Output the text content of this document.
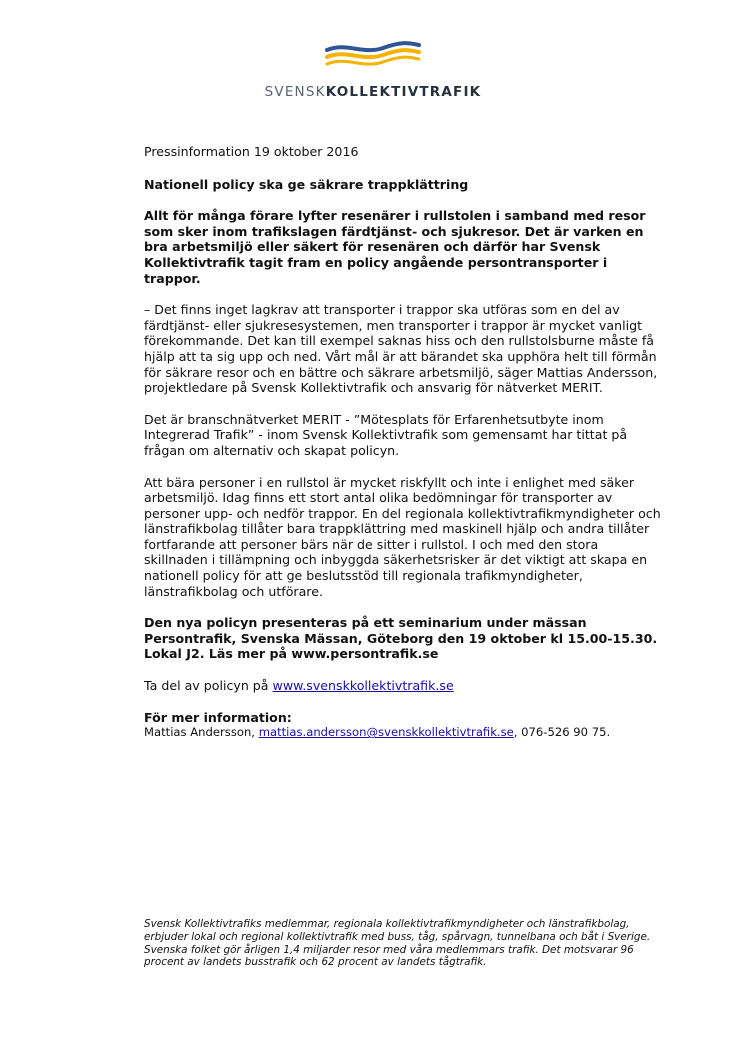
SVENSKKOLLEKTIVTRAFIK

Pressinformation 19 oktober 2016

Nationell policy ska ge säkrare trappklättring

Allt för många förare lyfter resenärer i rullstolen i samband med resor som sker inom trafikslagen färdtjänst- och sjukresor. Det är varken en bra arbetsmiljö eller säkert för resenären och därför har Svensk Kollektivtrafik tagit fram en policy angående persontransporter i trappor.

– Det finns inget lagkrav att transporter i trappor ska utföras som en del av färdtjänst- eller sjukresesystemen, men transporter i trappor är mycket vanligt förekommande. Det kan till exempel saknas hiss och den rullstolsburne måste få hjälp att ta sig upp och ned. Vårt mål är att bärandet ska upphöra helt till förmån för säkrare resor och en bättre och säkrare arbetsmiljö, säger Mattias Andersson, projektledare på Svensk Kollektivtrafik och ansvarig för nätverket MERIT.

Det är branschnätverket MERIT - ”Mötesplats för Erfarenhetsutbyte inom Integrerad Trafik” - inom Svensk Kollektivtrafik som gemensamt har tittat på frågan om alternativ och skapat policyn.

Att bära personer i en rullstol är mycket riskfyllt och inte i enlighet med säker arbetsmiljö. Idag finns ett stort antal olika bedömningar för transporter av personer upp- och nedför trappor. En del regionala kollektivtrafikmyndigheter och länstrafikbolag tillåter bara trappklättring med maskinell hjälp och andra tillåter fortfarande att personer bärs när de sitter i rullstol. I och med den stora skillnaden i tillämpning och inbyggda säkerhetsrisker är det viktigt att skapa en nationell policy för att ge beslutsstöd till regionala trafikmyndigheter, länstrafikbolag och utförare.

Den nya policyn presenteras på ett seminarium under mässan Persontrafik, Svenska Mässan, Göteborg den 19 oktober kl 15.00-15.30. Lokal J2. Läs mer på www.persontrafik.se

Ta del av policyn på www.svenskkollektivtrafik.se

För mer information:

Mattias Andersson, mattias.andersson@svenskkollektivtrafik.se, 076-526 90 75.

Svensk Kollektivtrafiks medlemmar, regionala kollektivtrafikmyndigheter och länstrafikbolag, erbjuder lokal och regional kollektivtrafik med buss, tåg, spårvagn, tunnelbana och båt i Sverige. Svenska folket gör årligen 1,4 miljarder resor med våra medlemmars trafik. Det motsvarar 96 procent av landets busstrafik och 62 procent av landets tågtrafik.
